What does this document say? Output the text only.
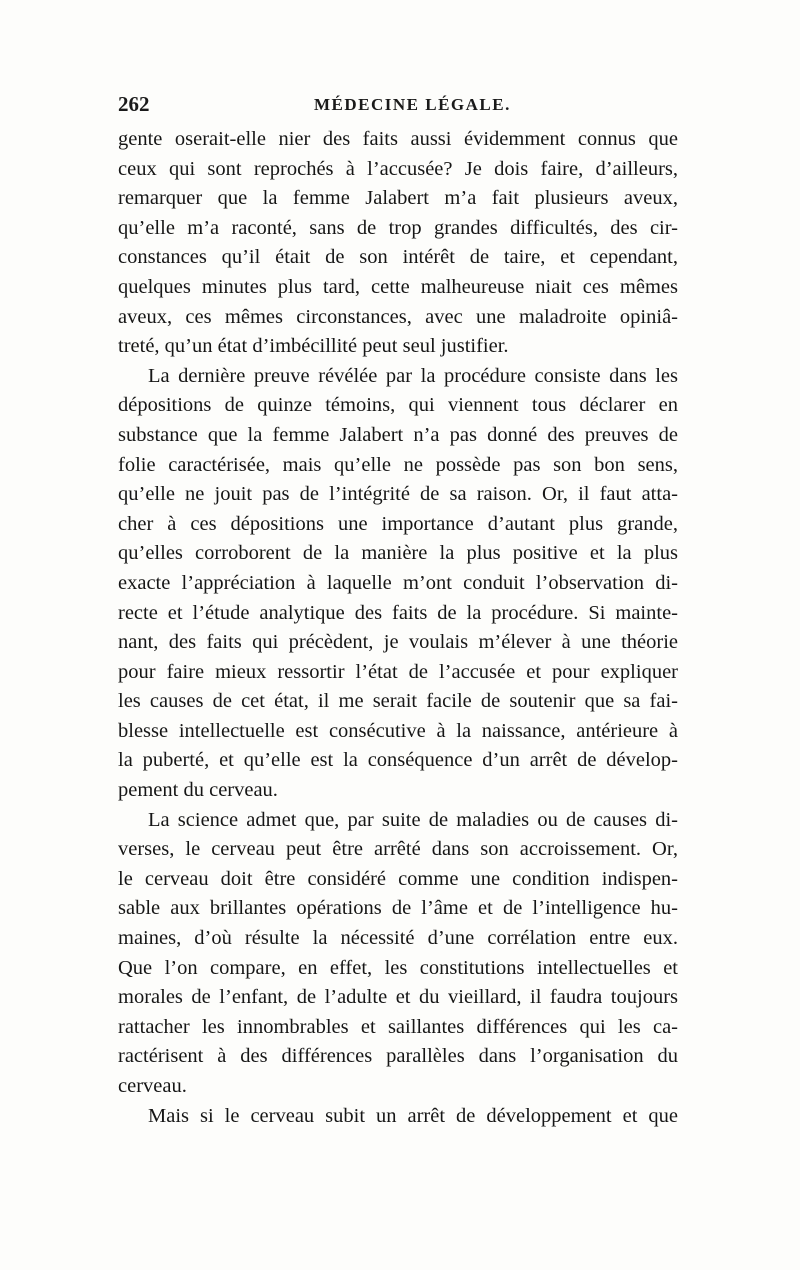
262	MÉDECINE LÉGALE.
gente oserait-elle nier des faits aussi évidemment connus que
ceux qui sont reprochés à l’accusée? Je dois faire, d’ailleurs,
remarquer que la femme Jalabert m’a fait plusieurs aveux,
qu’elle m’a raconté, sans de trop grandes difficultés, des cir-
constances qu’il était de son intérêt de taire, et cependant,
quelques minutes plus tard, cette malheureuse niait ces mêmes
aveux, ces mêmes circonstances, avec une maladroite opiniâ-
treté, qu’un état d’imbécillité peut seul justifier.
La dernière preuve révélée par la procédure consiste dans les
dépositions de quinze témoins, qui viennent tous déclarer en
substance que la femme Jalabert n’a pas donné des preuves de
folie caractérisée, mais qu’elle ne possède pas son bon sens,
qu’elle ne jouit pas de l’intégrité de sa raison. Or, il faut atta-
cher à ces dépositions une importance d’autant plus grande,
qu’elles corroborent de la manière la plus positive et la plus
exacte l’appréciation à laquelle m’ont conduit l’observation di-
recte et l’étude analytique des faits de la procédure. Si mainte-
nant, des faits qui précèdent, je voulais m’élever à une théorie
pour faire mieux ressortir l’état de l’accusée et pour expliquer
les causes de cet état, il me serait facile de soutenir que sa fai-
blesse intellectuelle est consécutive à la naissance, antérieure à
la puberté, et qu’elle est la conséquence d’un arrêt de dévelop-
pement du cerveau.
La science admet que, par suite de maladies ou de causes di-
verses, le cerveau peut être arrêté dans son accroissement. Or,
le cerveau doit être considéré comme une condition indispen-
sable aux brillantes opérations de l’âme et de l’intelligence hu-
maines, d’où résulte la nécessité d’une corrélation entre eux.
Que l’on compare, en effet, les constitutions intellectuelles et
morales de l’enfant, de l’adulte et du vieillard, il faudra toujours
rattacher les innombrables et saillantes différences qui les ca-
ractérisent à des différences parallèles dans l’organisation du
cerveau.
Mais si le cerveau subit un arrêt de développement et que
